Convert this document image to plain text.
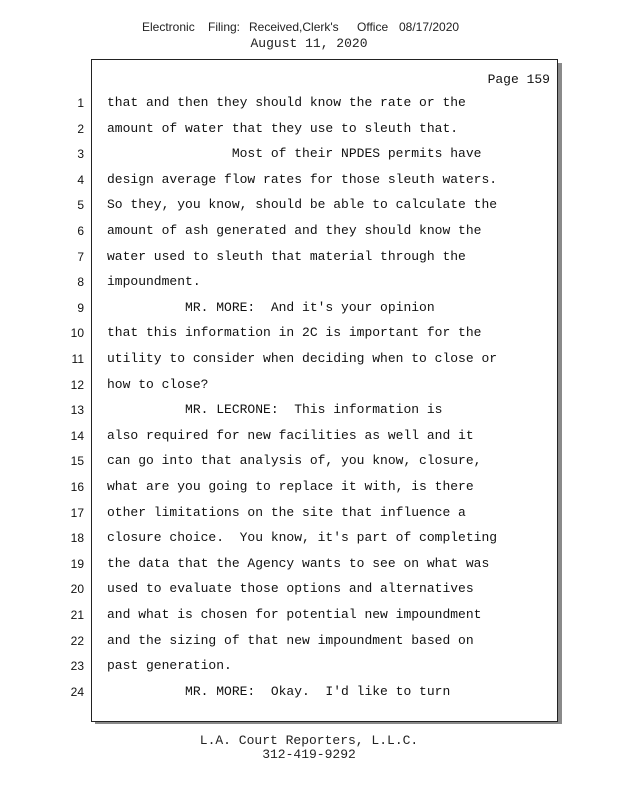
Electronic Filing: Received,Clerk's Office 08/17/2020
August 11, 2020
Page 159
1 that and then they should know the rate or the
2 amount of water that they use to sleuth that.
3 Most of their NPDES permits have
4 design average flow rates for those sleuth waters.
5 So they, you know, should be able to calculate the
6 amount of ash generated and they should know the
7 water used to sleuth that material through the
8 impoundment.
9 MR. MORE:  And it's your opinion
10 that this information in 2C is important for the
11 utility to consider when deciding when to close or
12 how to close?
13 MR. LECRONE:  This information is
14 also required for new facilities as well and it
15 can go into that analysis of, you know, closure,
16 what are you going to replace it with, is there
17 other limitations on the site that influence a
18 closure choice.  You know, it's part of completing
19 the data that the Agency wants to see on what was
20 used to evaluate those options and alternatives
21 and what is chosen for potential new impoundment
22 and the sizing of that new impoundment based on
23 past generation.
24 MR. MORE:  Okay.  I'd like to turn
L.A. Court Reporters, L.L.C.
312-419-9292
